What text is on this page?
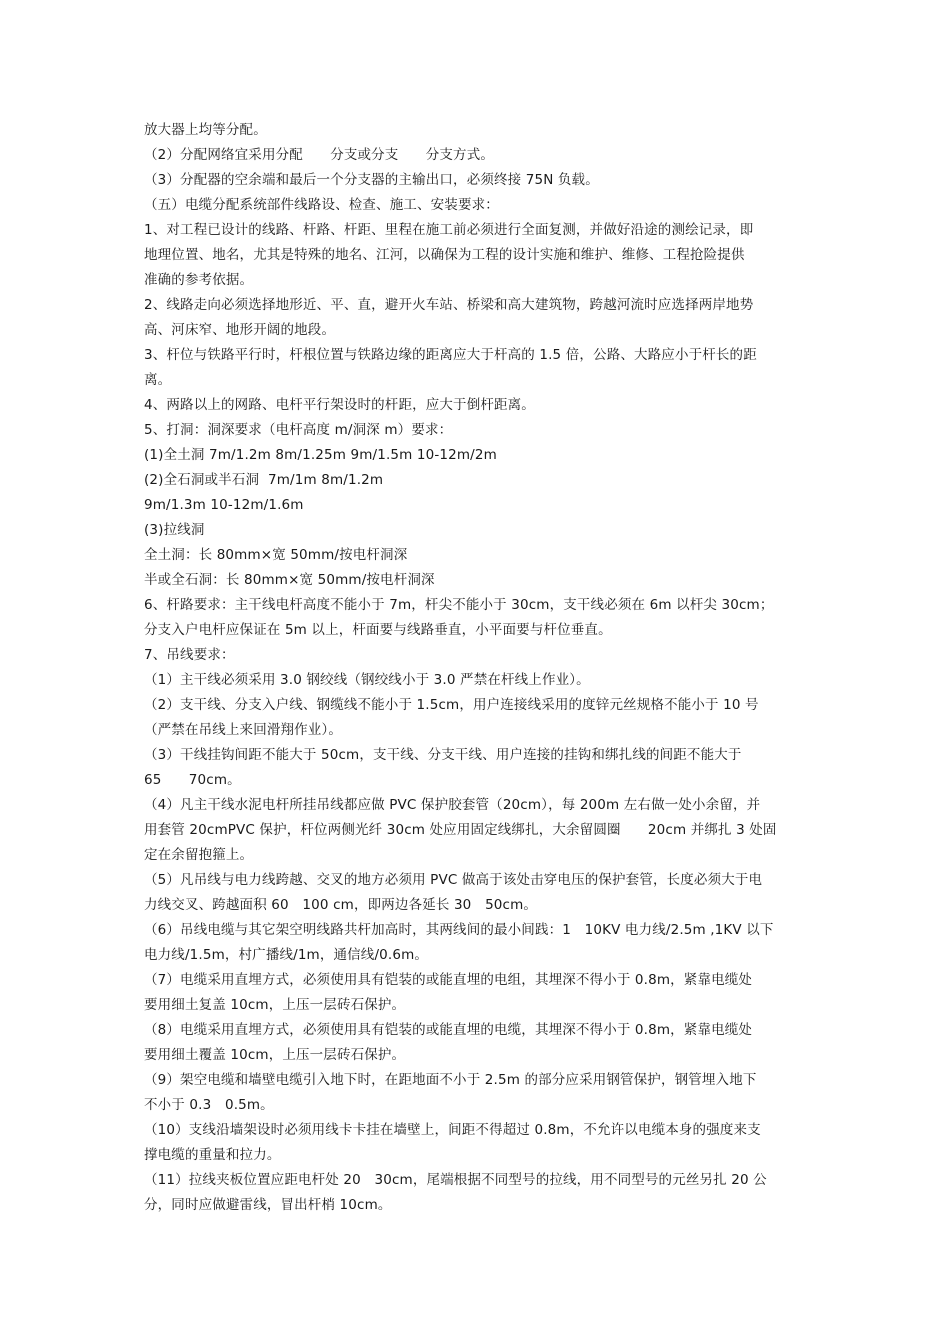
放大器上均等分配。
（2）分配网络宜采用分配　　分支或分支　　分支方式。
（3）分配器的空余端和最后一个分支器的主输出口，必须终接 75N 负载。
（五）电缆分配系统部件线路设、检查、施工、安装要求：
1、对工程已设计的线路、杆路、杆距、里程在施工前必须进行全面复测，并做好沿途的测绘记录，即
地理位置、地名，尤其是特殊的地名、江河，以确保为工程的设计实施和维护、维修、工程抢险提供
准确的参考依据。
2、线路走向必须选择地形近、平、直，避开火车站、桥梁和高大建筑物，跨越河流时应选择两岸地势
高、河床窄、地形开阔的地段。
3、杆位与铁路平行时，杆根位置与铁路边缘的距离应大于杆高的 1.5 倍，公路、大路应小于杆长的距
离。
4、两路以上的网路、电杆平行架设时的杆距，应大于倒杆距离。
5、打洞：洞深要求（电杆高度 m/洞深 m）要求：
(1)全土洞 7m/1.2m 8m/1.25m 9m/1.5m 10-12m/2m
(2)全石洞或半石洞  7m/1m 8m/1.2m
9m/1.3m 10-12m/1.6m
(3)拉线洞
全土洞：长 80mm×宽 50mm/按电杆洞深
半或全石洞：长 80mm×宽 50mm/按电杆洞深
6、杆路要求：主干线电杆高度不能小于 7m，杆尖不能小于 30cm，支干线必须在 6m 以杆尖 30cm；
分支入户电杆应保证在 5m 以上，杆面要与线路垂直，小平面要与杆位垂直。
7、吊线要求：
（1）主干线必须采用 3.0 钢绞线（钢绞线小于 3.0 严禁在杆线上作业）。
（2）支干线、分支入户线、钢缆线不能小于 1.5cm，用户连接线采用的度锌元丝规格不能小于 10 号
（严禁在吊线上来回滑翔作业）。
（3）干线挂钩间距不能大于 50cm，支干线、分支干线、用户连接的挂钩和绑扎线的间距不能大于
65　　70cm。
（4）凡主干线水泥电杆所挂吊线都应做 PVC 保护胶套管（20cm），每 200m 左右做一处小余留，并
用套管 20cmPVC 保护，杆位两侧光纤 30cm 处应用固定线绑扎，大余留圆圈　　20cm 并绑扎 3 处固
定在余留抱箍上。
（5）凡吊线与电力线跨越、交叉的地方必须用 PVC 做高于该处击穿电压的保护套管，长度必须大于电
力线交叉、跨越面积 60　100 cm，即两边各延长 30　50cm。
（6）吊线电缆与其它架空明线路共杆加高时，其两线间的最小间践：1　10KV 电力线/2.5m ,1KV 以下
电力线/1.5m，村广播线/1m，通信线/0.6m。
（7）电缆采用直埋方式，必须使用具有铠装的或能直埋的电组，其埋深不得小于 0.8m，紧靠电缆处
要用细土复盖 10cm，上压一层砖石保护。
（8）电缆采用直埋方式，必须使用具有铠装的或能直埋的电缆，其埋深不得小于 0.8m，紧靠电缆处
要用细土覆盖 10cm，上压一层砖石保护。
（9）架空电缆和墙壁电缆引入地下时，在距地面不小于 2.5m 的部分应采用钢管保护，钢管埋入地下
不小于 0.3　0.5m。
（10）支线沿墙架设时必须用线卡卡挂在墙壁上，间距不得超过 0.8m，不允许以电缆本身的强度来支
撑电缆的重量和拉力。
（11）拉线夹板位置应距电杆处 20　30cm，尾端根据不同型号的拉线，用不同型号的元丝另扎 20 公
分，同时应做避雷线，冒出杆梢 10cm。
